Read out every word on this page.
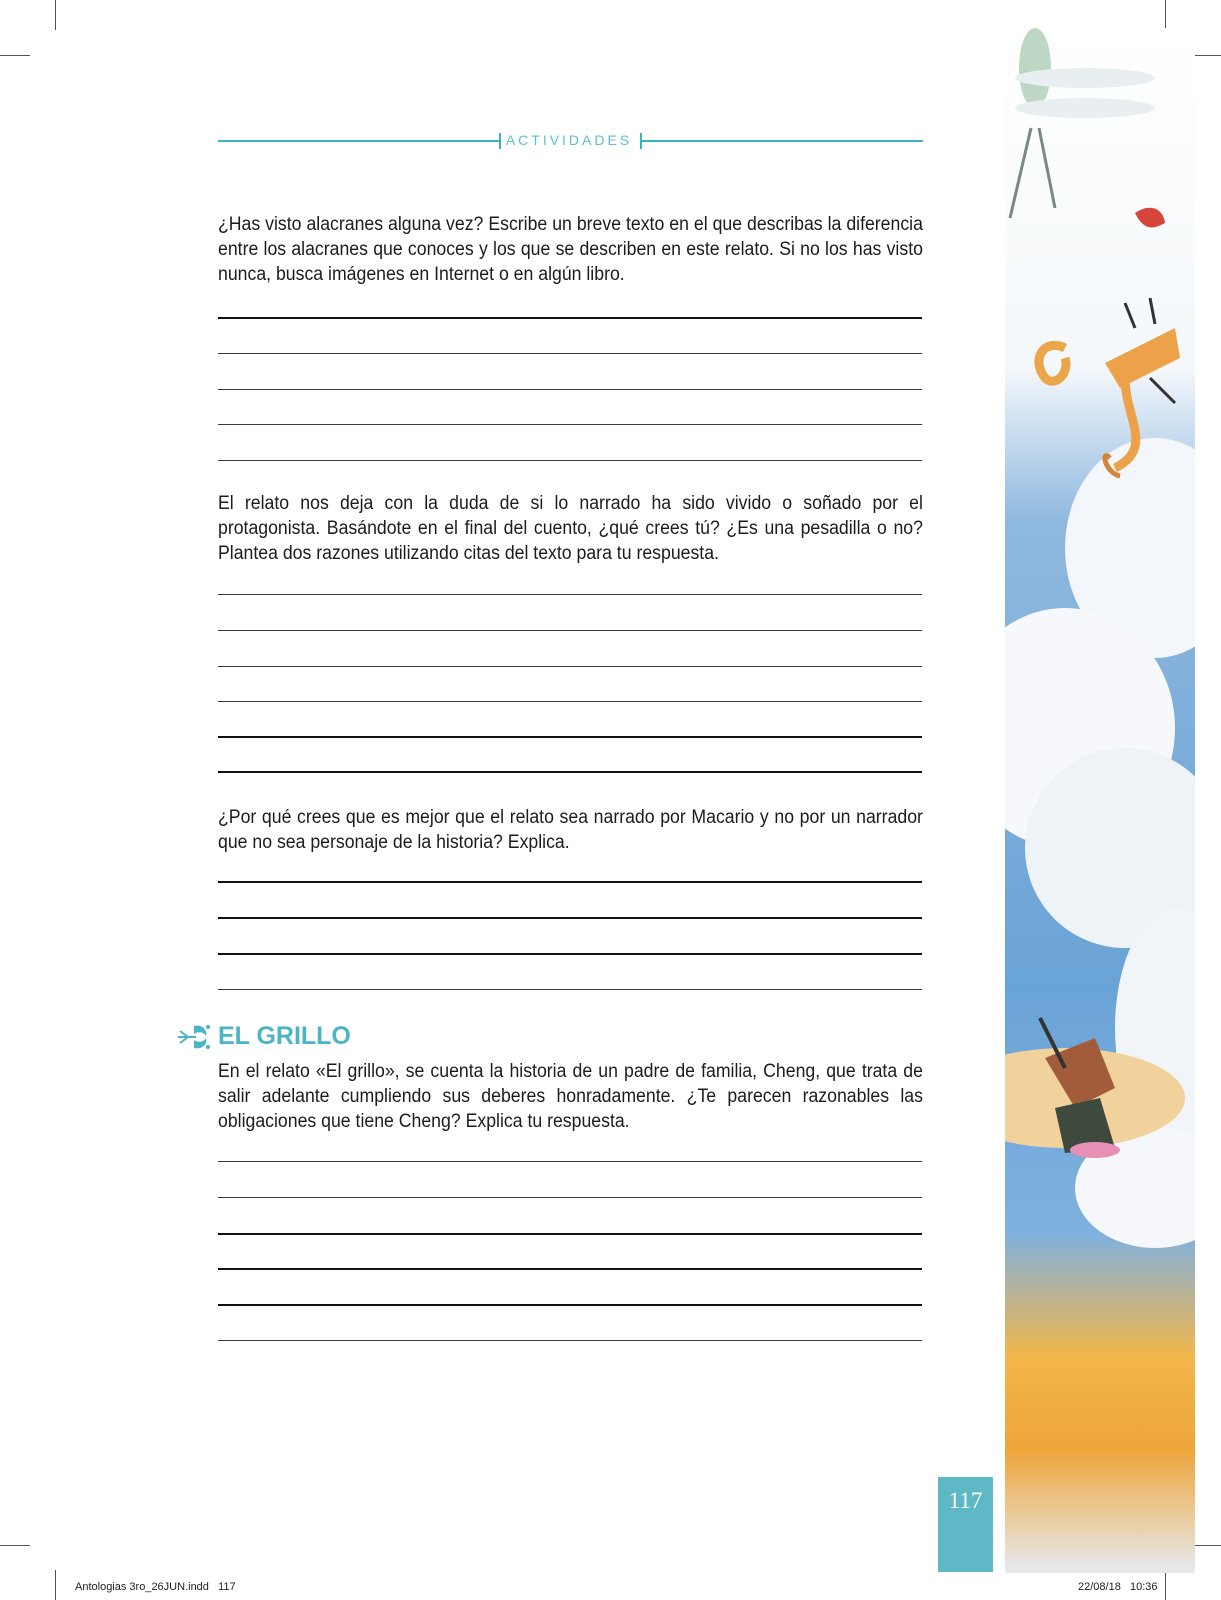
ACTIVIDADES
¿Has visto alacranes alguna vez? Escribe un breve texto en el que describas la diferencia entre los alacranes que conoces y los que se describen en este relato. Si no los has visto nunca, busca imágenes en Internet o en algún libro.
El relato nos deja con la duda de si lo narrado ha sido vivido o soñado por el protagonista. Basándote en el final del cuento, ¿qué crees tú? ¿Es una pesadilla o no? Plantea dos razones utilizando citas del texto para tu respuesta.
¿Por qué crees que es mejor que el relato sea narrado por Macario y no por un narrador que no sea personaje de la historia? Explica.
EL GRILLO
En el relato «El grillo», se cuenta la historia de un padre de familia, Cheng, que trata de salir adelante cumpliendo sus deberes honradamente. ¿Te parecen razonables las obligaciones que tiene Cheng? Explica tu respuesta.
117
Antologias 3ro_26JUN.indd   117	22/08/18   10:36
